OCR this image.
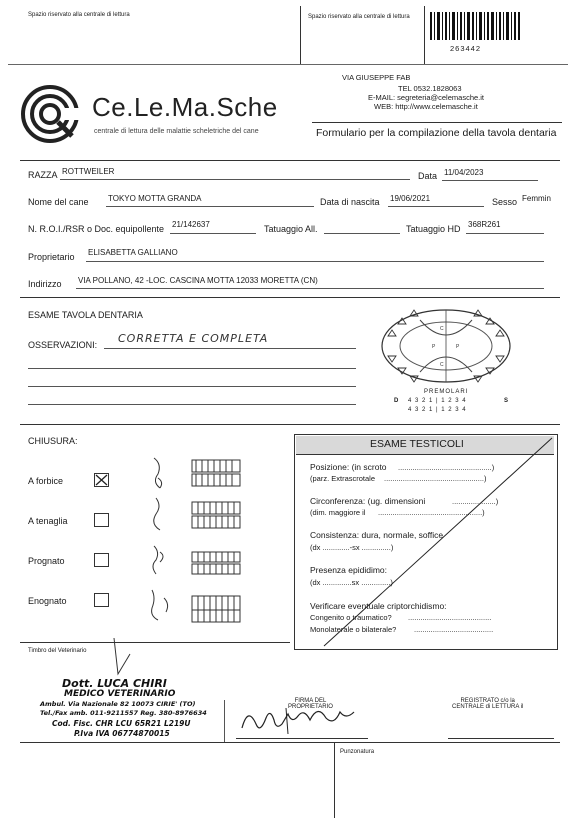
Spazio riservato alla centrale di lettura	Spazio riservato alla centrale di lettura
263442
Ce.Le.Ma.Sche
centrale di lettura delle malattie scheletriche del cane
VIA GIUSEPPE FAB
TEL 0532.1828063
E-MAIL: segreteria@celemasche.it
WEB: http://www.celemasche.it
Formulario per la compilazione della tavola dentaria
RAZZA ROTTWEILER	Data 11/04/2023
Nome del cane TOKYO MOTTA GRANDA	Data di nascita 19/06/2021	Sesso Femmin
N. R.O.I./RSR o Doc. equipollente 21/142637	Tatuaggio All.	Tatuaggio HD 368R261
Proprietario ELISABETTA GALLIANO
Indirizzo VIA POLLANO, 42 -LOC. CASCINA MOTTA 12033 MORETTA (CN)
ESAME TAVOLA DENTARIA
OSSERVAZIONI: CORRETTA E COMPLETA
P	P
C
C
PREMOLARI
D 4 3 2 1 | 1 2 3 4	S
4 3 2 1 | 1 2 3 4
CHIUSURA:
A forbice
A tenaglia
Prognato
Enognato
ESAME TESTICOLI
Posizione: (in scroto .............................................)
(parz. Extrascrotale ................................................)
Circonferenza: (ug. dimensioni	.....................)
(dim. maggiore il ..................................................)
Consistenza: dura, normale, soffice
(dx .............-sx ..............)
Presenza epididimo:
(dx ..............sx ..............)
Verificare eventuale criptorchidismo:
Congenito o traumatico? ........................................
Monolaterale o bilaterale? ......................................
Timbro del Veterinario
Dott. LUCA CHIRI
MEDICO VETERINARIO
Ambul. Via Nazionale 82 10073 CIRIE' (TO)
Tel./Fax amb. 011-9211557 Reg. 380-8976634
Cod. Fisc. CHR LCU 65R21 L219U
P.Iva IVA 06774870015
FIRMA DEL
PROPRIETARIO
REGISTRATO c/o la
CENTRALE di LETTURA il
Punzonatura
